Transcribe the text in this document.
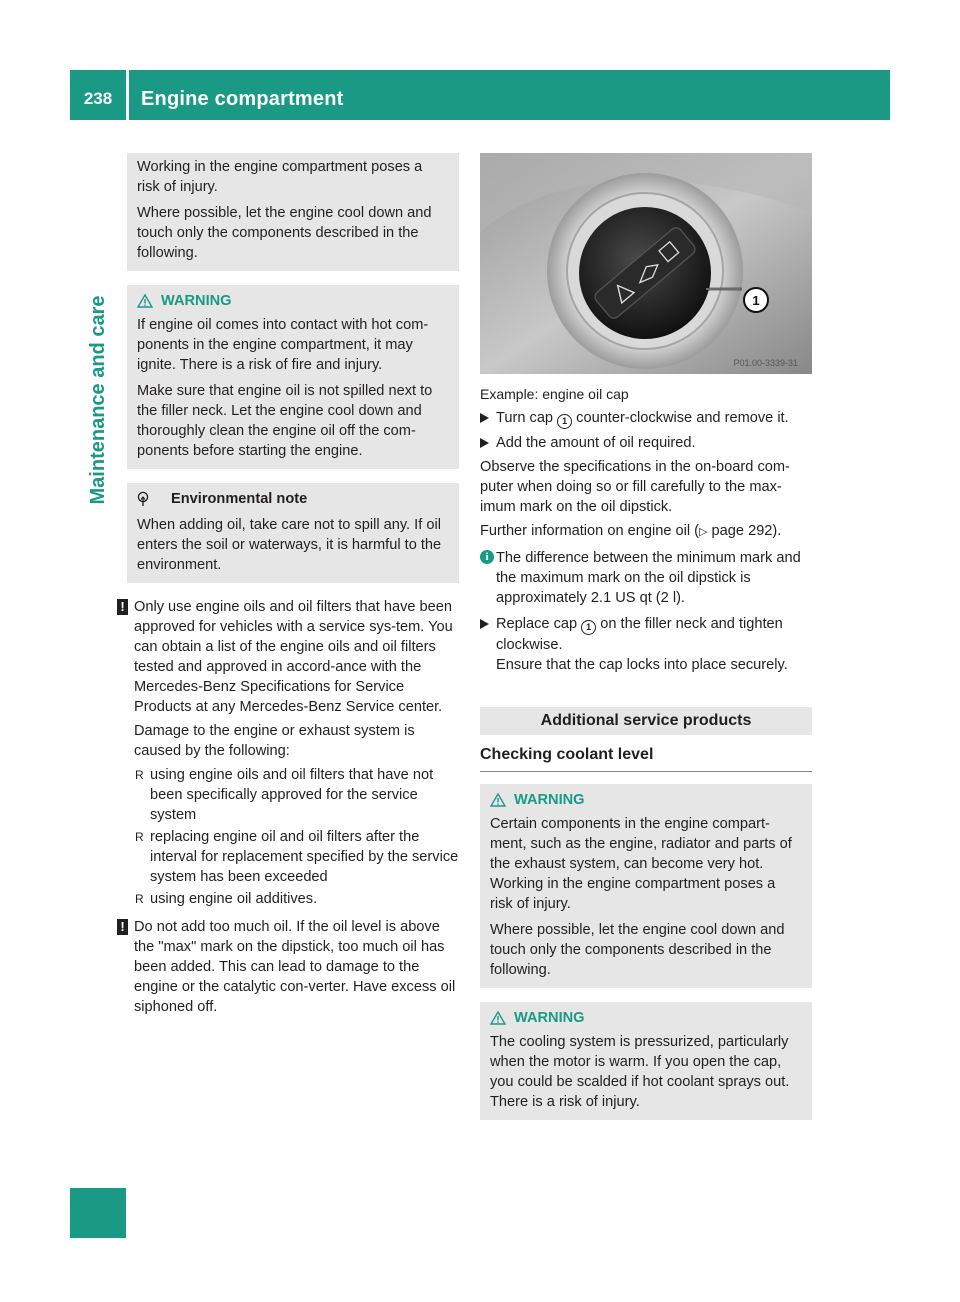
238	Engine compartment
Maintenance and care

Working in the engine compartment poses a risk of injury.

Where possible, let the engine cool down and touch only the components described in the following.

WARNING

If engine oil comes into contact with hot com-ponents in the engine compartment, it may ignite. There is a risk of fire and injury.

Make sure that engine oil is not spilled next to the filler neck. Let the engine cool down and thoroughly clean the engine oil off the com-ponents before starting the engine.

Environmental note

When adding oil, take care not to spill any. If oil enters the soil or waterways, it is harmful to the environment.

! Only use engine oils and oil filters that have been approved for vehicles with a service sys-tem. You can obtain a list of the engine oils and oil filters tested and approved in accord-ance with the Mercedes-Benz Specifications for Service Products at any Mercedes-Benz Service center.

Damage to the engine or exhaust system is caused by the following:

R using engine oils and oil filters that have not been specifically approved for the service system
R replacing engine oil and oil filters after the interval for replacement specified by the service system has been exceeded
R using engine oil additives.
! Do not add too much oil. If the oil level is above the "max" mark on the dipstick, too much oil has been added. This can lead to damage to the engine or the catalytic con-verter. Have excess oil siphoned off.

1
P01.00-3339-31

Example: engine oil cap

Turn cap 1 counter-clockwise and remove it.
Add the amount of oil required.

Observe the specifications in the on-board com-puter when doing so or fill carefully to the max-imum mark on the oil dipstick.

Further information on engine oil (▷ page 292).

i The difference between the minimum mark and the maximum mark on the oil dipstick is approximately 2.1 US qt (2 l).
Replace cap 1 on the filler neck and tighten clockwise.
Ensure that the cap locks into place securely.
Additional service products
Checking coolant level
WARNING

Certain components in the engine compart-ment, such as the engine, radiator and parts of the exhaust system, can become very hot. Working in the engine compartment poses a risk of injury.

Where possible, let the engine cool down and touch only the components described in the following.

WARNING

The cooling system is pressurized, particularly when the motor is warm. If you open the cap, you could be scalded if hot coolant sprays out. There is a risk of injury.
